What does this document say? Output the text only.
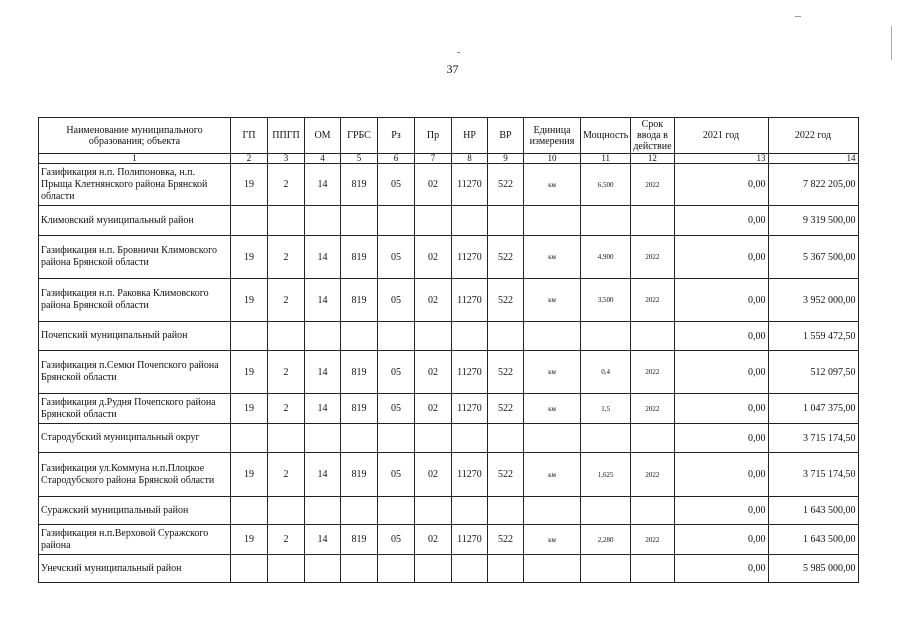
37
Наименование муниципального образования; объекта	ГП	ППГП	ОМ	ГРБС	Рз	Пр	НР	ВР	Единица измерения	Мощность	Срок ввода в действие	2021 год	2022 год
1	2	3	4	5	6	7	8	9	10	11	12	13	14
Газификация н.п. Полипоновка, н.п. Прыща Клетнянского района Брянской области	19	2	14	819	05	02	11270	522	км	6,500	2022	0,00	7 822 205,00
Климовский муниципальный район												0,00	9 319 500,00
Газификация н.п. Бровничи Климовского района Брянской области	19	2	14	819	05	02	11270	522	км	4,900	2022	0,00	5 367 500,00
Газификация н.п. Раковка Климовского района Брянской области	19	2	14	819	05	02	11270	522	км	3,500	2022	0,00	3 952 000,00
Почепский муниципальный район												0,00	1 559 472,50
Газификация п.Семки Почепского района Брянской области	19	2	14	819	05	02	11270	522	км	0,4	2022	0,00	512 097,50
Газификация д.Рудня Почепского района Брянской области	19	2	14	819	05	02	11270	522	км	1,5	2022	0,00	1 047 375,00
Стародубский муниципальный округ												0,00	3 715 174,50
Газификация ул.Коммуна н.п.Плоцкое Стародубского района Брянской области	19	2	14	819	05	02	11270	522	км	1,625	2022	0,00	3 715 174,50
Суражский муниципальный район												0,00	1 643 500,00
Газификация н.п.Верховой Суражского района	19	2	14	819	05	02	11270	522	км	2,280	2022	0,00	1 643 500,00
Унечский муниципальный район												0,00	5 985 000,00
